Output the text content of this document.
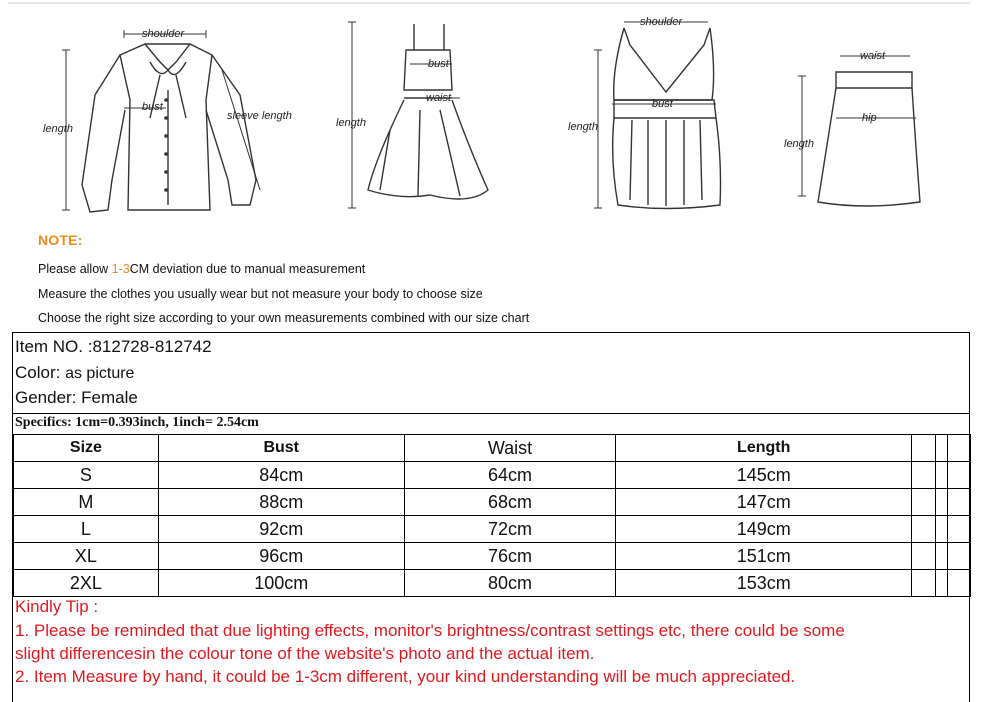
shoulder
bust
length
sleeve length
bust
waist
length
shoulder
bust
length
waist
hip
length
NOTE:
Please allow 1-3CM deviation due to manual measurement
Measure the clothes you usually wear but not measure your body to choose size
Choose the right size according to your own measurements combined with our size chart
Item NO. :812728-812742
Color: as picture
Gender: Female
Specifics: 1cm=0.393inch, 1inch= 2.54cm
Size	Bust	Waist	Length			
S	84cm	64cm	145cm			
M	88cm	68cm	147cm			
L	92cm	72cm	149cm			
XL	96cm	76cm	151cm			
2XL	100cm	80cm	153cm			
Kindly Tip :
1. Please be reminded that due lighting effects, monitor's brightness/contrast settings etc, there could be some
slight differencesin the colour tone of the website's photo and the actual item.
2. Item Measure by hand, it could be 1-3cm different, your kind understanding will be much appreciated.
